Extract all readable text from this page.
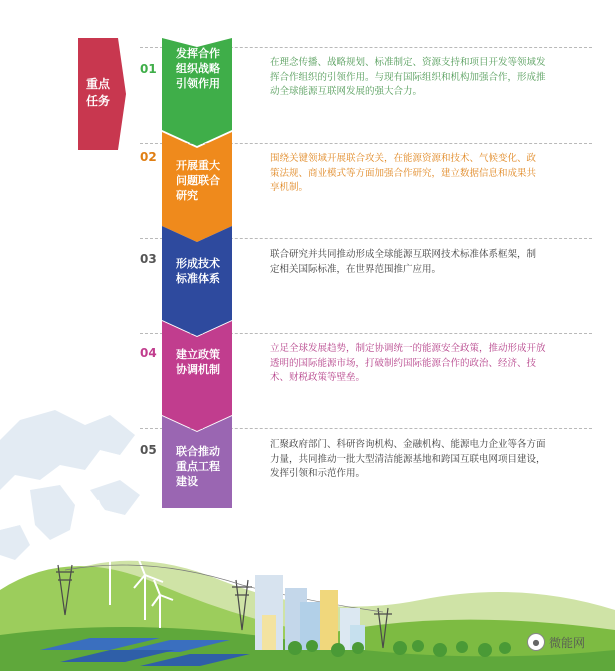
重点
任务
01
发挥合作
组织战略
引领作用
在理念传播、战略规划、标准制定、资源支持和项目开发等领域发
挥合作组织的引领作用。与现有国际组织和机构加强合作，形成推
动全球能源互联网发展的强大合力。
02
开展重大
问题联合
研究
围绕关键领域开展联合攻关，在能源资源和技术、气候变化、政
策法规、商业模式等方面加强合作研究，建立数据信息和成果共
享机制。
03	形成技术
标准体系
联合研究并共同推动形成全球能源互联网技术标准体系框架，制
定相关国际标准，在世界范围推广应用。
04	建立政策
协调机制
立足全球发展趋势，制定协调统一的能源安全政策，推动形成开放
透明的国际能源市场，打破制约国际能源合作的政治、经济、技
术、财税政策等壁垒。
05	联合推动
重点工程
建设
汇聚政府部门、科研咨询机构、金融机构、能源电力企业等各方面
力量，共同推动一批大型清洁能源基地和跨国互联电网项目建设，
发挥引领和示范作用。
● 微能网
